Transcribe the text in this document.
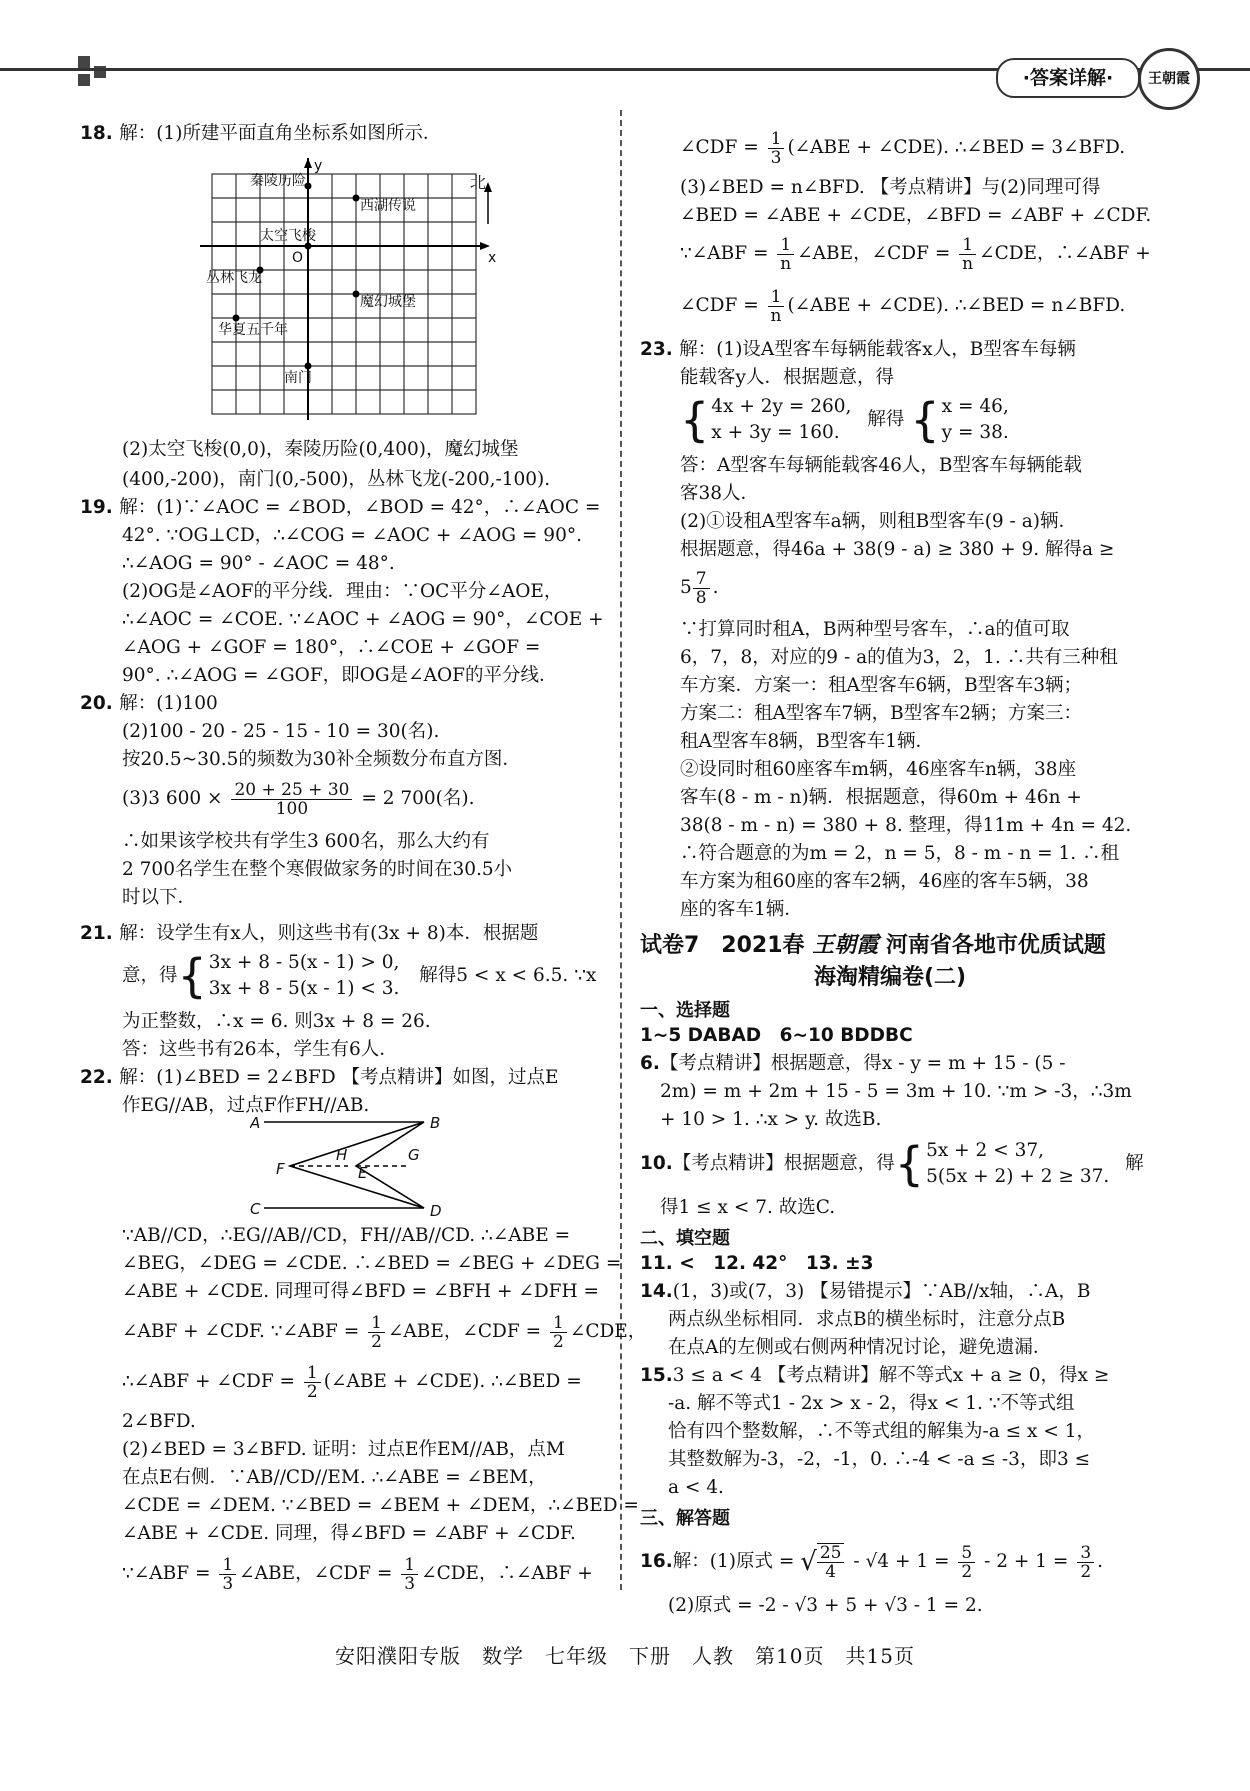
·答案详解·	王朝霞
18. 解：(1)所建平面直角坐标系如图所示．
y
x
O
秦陵历险
西湖传说
太空飞梭
丛林飞龙
魔幻城堡
华夏五千年
南门
北
(2)太空飞梭(0,0)，秦陵历险(0,400)，魔幻城堡
(400,-200)，南门(0,-500)，丛林飞龙(-200,-100).
19. 解：(1)∵∠AOC = ∠BOD，∠BOD = 42°，∴∠AOC =
42°. ∵OG⊥CD，∴∠COG = ∠AOC + ∠AOG = 90°.
∴∠AOG = 90° - ∠AOC = 48°.
(2)OG是∠AOF的平分线．理由：∵OC平分∠AOE，
∴∠AOC = ∠COE. ∵∠AOC + ∠AOG = 90°，∠COE +
∠AOG + ∠GOF = 180°，∴∠COE + ∠GOF =
90°. ∴∠AOG = ∠GOF，即OG是∠AOF的平分线．
20. 解：(1)100
(2)100 - 20 - 25 - 15 - 10 = 30(名).
按20.5~30.5的频数为30补全频数分布直方图．
(3)3 $600 \times \frac{20 + 25 + 30}{100} = 2$ 700(名).
∴如果该学校共有学生3 600名，那么大约有
2 700名学生在整个寒假做家务的时间在30.5小
时以下．
21. 解：设学生有x人，则这些书有(3x + 8)本．根据题
意，得{ 3x + 8 - 5(x - 1) > 0,
3x + 8 - 5(x - 1) < 3. 解得5 < x < 6.5. ∵x
为正整数，∴x = 6. 则3x + 8 = 26.
答：这些书有26本，学生有6人．
22. 解：(1)∠BED = 2∠BFD 【考点精讲】如图，过点E
作EG//AB，过点F作FH//AB.
A	B
C	D
E
F
G
H
∵AB//CD，∴EG//AB//CD，FH//AB//CD. ∴∠ABE =
∠BEG，∠DEG = ∠CDE. ∴∠BED = ∠BEG + ∠DEG =
∠ABE + ∠CDE. 同理可得∠BFD = ∠BFH + ∠DFH =
∠ABF + ∠CDF. ∵∠ABF = $\frac{1}{2}$ ∠ABE，∠CDF = $\frac{1}{2}$ ∠CDE，
∴∠ABF + ∠CDF = $\frac{1}{2}$ (∠ABE + ∠CDE). ∴∠BED =
2∠BFD.
(2)∠BED = 3∠BFD. 证明：过点E作EM//AB，点M
在点E右侧．∵AB//CD//EM. ∴∠ABE = ∠BEM，
∠CDE = ∠DEM. ∵∠BED = ∠BEM + ∠DEM，∴∠BED =
∠ABE + ∠CDE. 同理，得∠BFD = ∠ABF + ∠CDF.
∵∠ABF = $\frac{1}{3}$ ∠ABE，∠CDF = $\frac{1}{3}$ ∠CDE，∴∠ABF +
∠CDF = $\frac{1}{3}$ (∠ABE + ∠CDE). ∴∠BED = 3∠BFD.
(3)∠BED = n∠BFD. 【考点精讲】与(2)同理可得
∠BED = ∠ABE + ∠CDE，∠BFD = ∠ABF + ∠CDF.
∵∠ABF = $\frac{1}{n}$ ∠ABE，∠CDF = $\frac{1}{n}$ ∠CDE，∴∠ABF +
∠CDF = $\frac{1}{n}$ (∠ABE + ∠CDE). ∴∠BED = n∠BFD.
23. 解：(1)设A型客车每辆能载客x人，B型客车每辆
能载客y人．根据题意，得
{ 4x + 2y = 260,
x + 3y = 160. 解得 { x = 46,
y = 38.
答：A型客车每辆能载客46人，B型客车每辆能载
客38人．
(2)①设租A型客车a辆，则租B型客车(9 - a)辆．
根据题意，得46a + 38(9 - a) ≥ 380 + 9. 解得a ≥
$5 \frac{7}{8}$ .
∵打算同时租A，B两种型号客车，∴a的值可取
6，7，8，对应的9 - a的值为3，2，1. ∴共有三种租
车方案．方案一：租A型客车6辆，B型客车3辆；
方案二：租A型客车7辆，B型客车2辆；方案三：
租A型客车8辆，B型客车1辆．
②设同时租60座客车m辆，46座客车n辆，38座
客车(8 - m - n)辆．根据题意，得60m + 46n +
38(8 - m - n) = 380 + 8. 整理，得11m + 4n = 42.
∴符合题意的为m = 2，n = 5，8 - m - n = 1. ∴租
车方案为租60座的客车2辆，46座的客车5辆，38
座的客车1辆．
试卷7　2021春 王朝霞 河南省各地市优质试题
海淘精编卷(二)
一、选择题
1~5 DABAD　6~10 BDDBC
6.【考点精讲】根据题意，得x - y = m + 15 - (5 -
2m) = m + 2m + 15 - 5 = 3m + 10. ∵m > -3，∴3m
+ 10 > 1. ∴x > y. 故选B.
10.【考点精讲】根据题意，得{ 5x + 2 < 37,
5(5x + 2) + 2 ≥ 37. 解
得1 ≤ x < 7. 故选C.
二、填空题
11. <　12. 42°　13. ±3
14.(1，3)或(7，3) 【易错提示】∵AB//x轴，∴A，B
两点纵坐标相同．求点B的横坐标时，注意分点B
在点A的左侧或右侧两种情况讨论，避免遗漏．
15.3 ≤ a < 4 【考点精讲】解不等式x + a ≥ 0，得x ≥
-a. 解不等式1 - 2x > x - 2，得x < 1. ∵不等式组
恰有四个整数解，∴不等式组的解集为-a ≤ x < 1，
其整数解为-3，-2，-1，0. ∴-4 < -a ≤ -3，即3 ≤
a < 4.
三、解答题
16.解：(1)原式 = √ $\frac{25}{4} - √4 + 1 = \frac{5}{2} - 2 + 1 = \frac{3}{2}$ .
(2)原式 = -2 - √3 + 5 + √3 - 1 = 2.
安阳濮阳专版　数学　七年级　下册　人教　第10页　共15页
